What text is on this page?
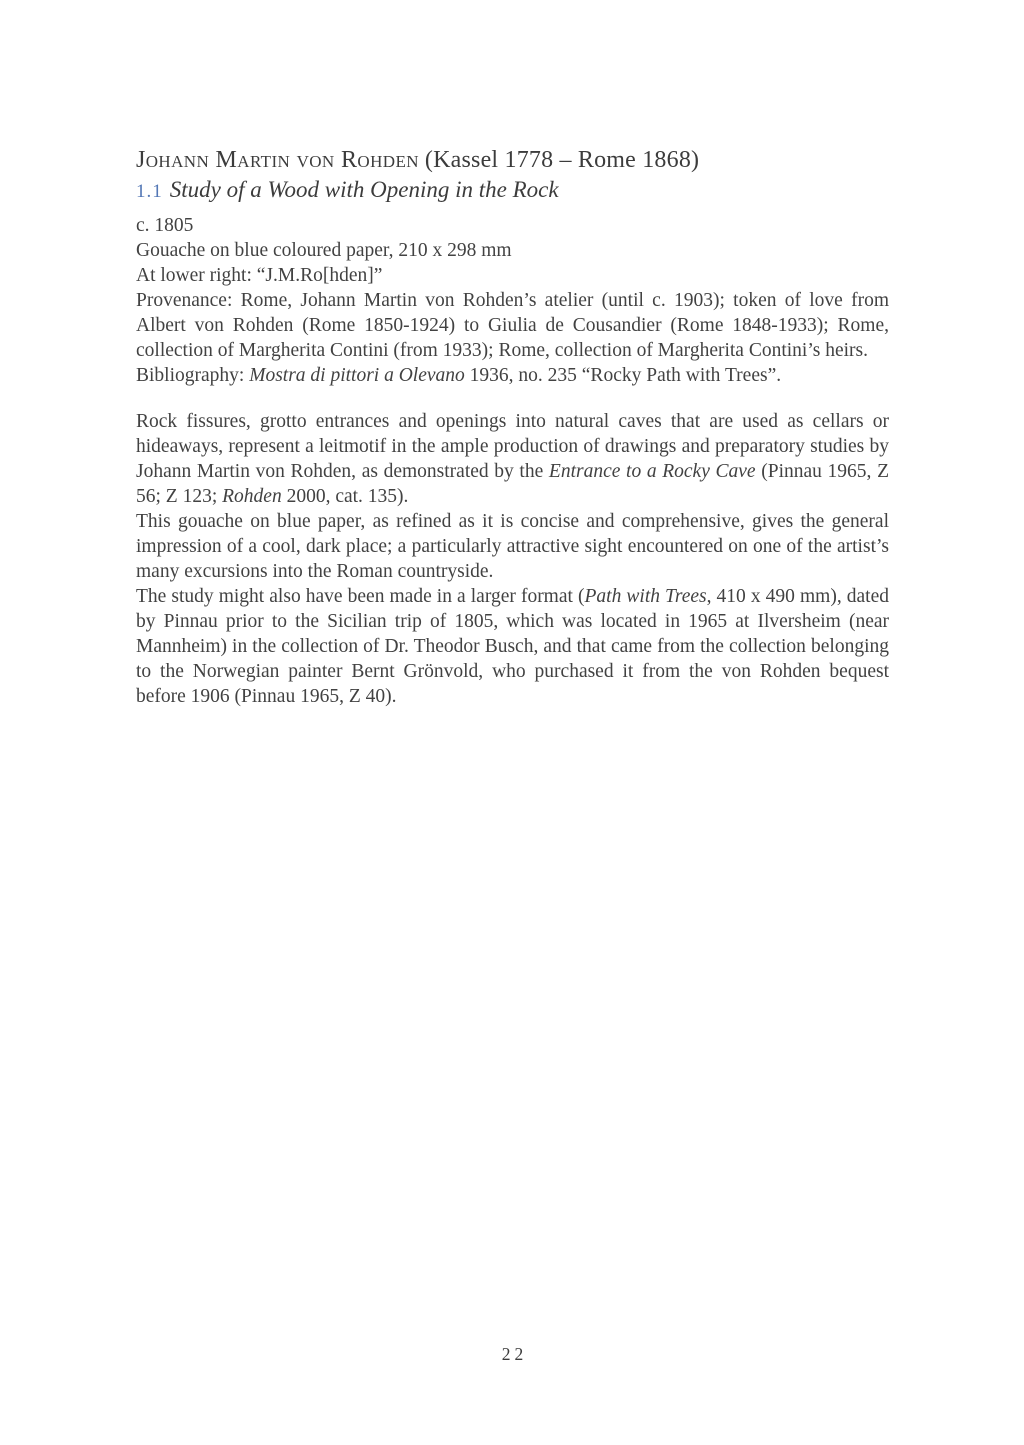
Johann Martin von Rohden (Kassel 1778 – Rome 1868)
1.1 Study of a Wood with Opening in the Rock
c. 1805
Gouache on blue coloured paper, 210 x 298 mm
At lower right: “J.M.Ro[hden]”

Provenance: Rome, Johann Martin von Rohden’s atelier (until c. 1903); token of love from Albert von Rohden (Rome 1850-1924) to Giulia de Cousandier (Rome 1848-1933); Rome, collection of Margherita Contini (from 1933); Rome, collection of Margherita Contini’s heirs.

Bibliography: Mostra di pittori a Olevano 1936, no. 235 “Rocky Path with Trees”.

Rock fissures, grotto entrances and openings into natural caves that are used as cellars or hideaways, represent a leitmotif in the ample production of drawings and preparatory studies by Johann Martin von Rohden, as demonstrated by the Entrance to a Rocky Cave (Pinnau 1965, Z 56; Z 123; Rohden 2000, cat. 135).

This gouache on blue paper, as refined as it is concise and comprehensive, gives the general impression of a cool, dark place; a particularly attractive sight encountered on one of the artist’s many excursions into the Roman countryside.

The study might also have been made in a larger format (Path with Trees, 410 x 490 mm), dated by Pinnau prior to the Sicilian trip of 1805, which was located in 1965 at Ilversheim (near Mannheim) in the collection of Dr. Theodor Busch, and that came from the collection belonging to the Norwegian painter Bernt Grönvold, who purchased it from the von Rohden bequest before 1906 (Pinnau 1965, Z 40).

22
